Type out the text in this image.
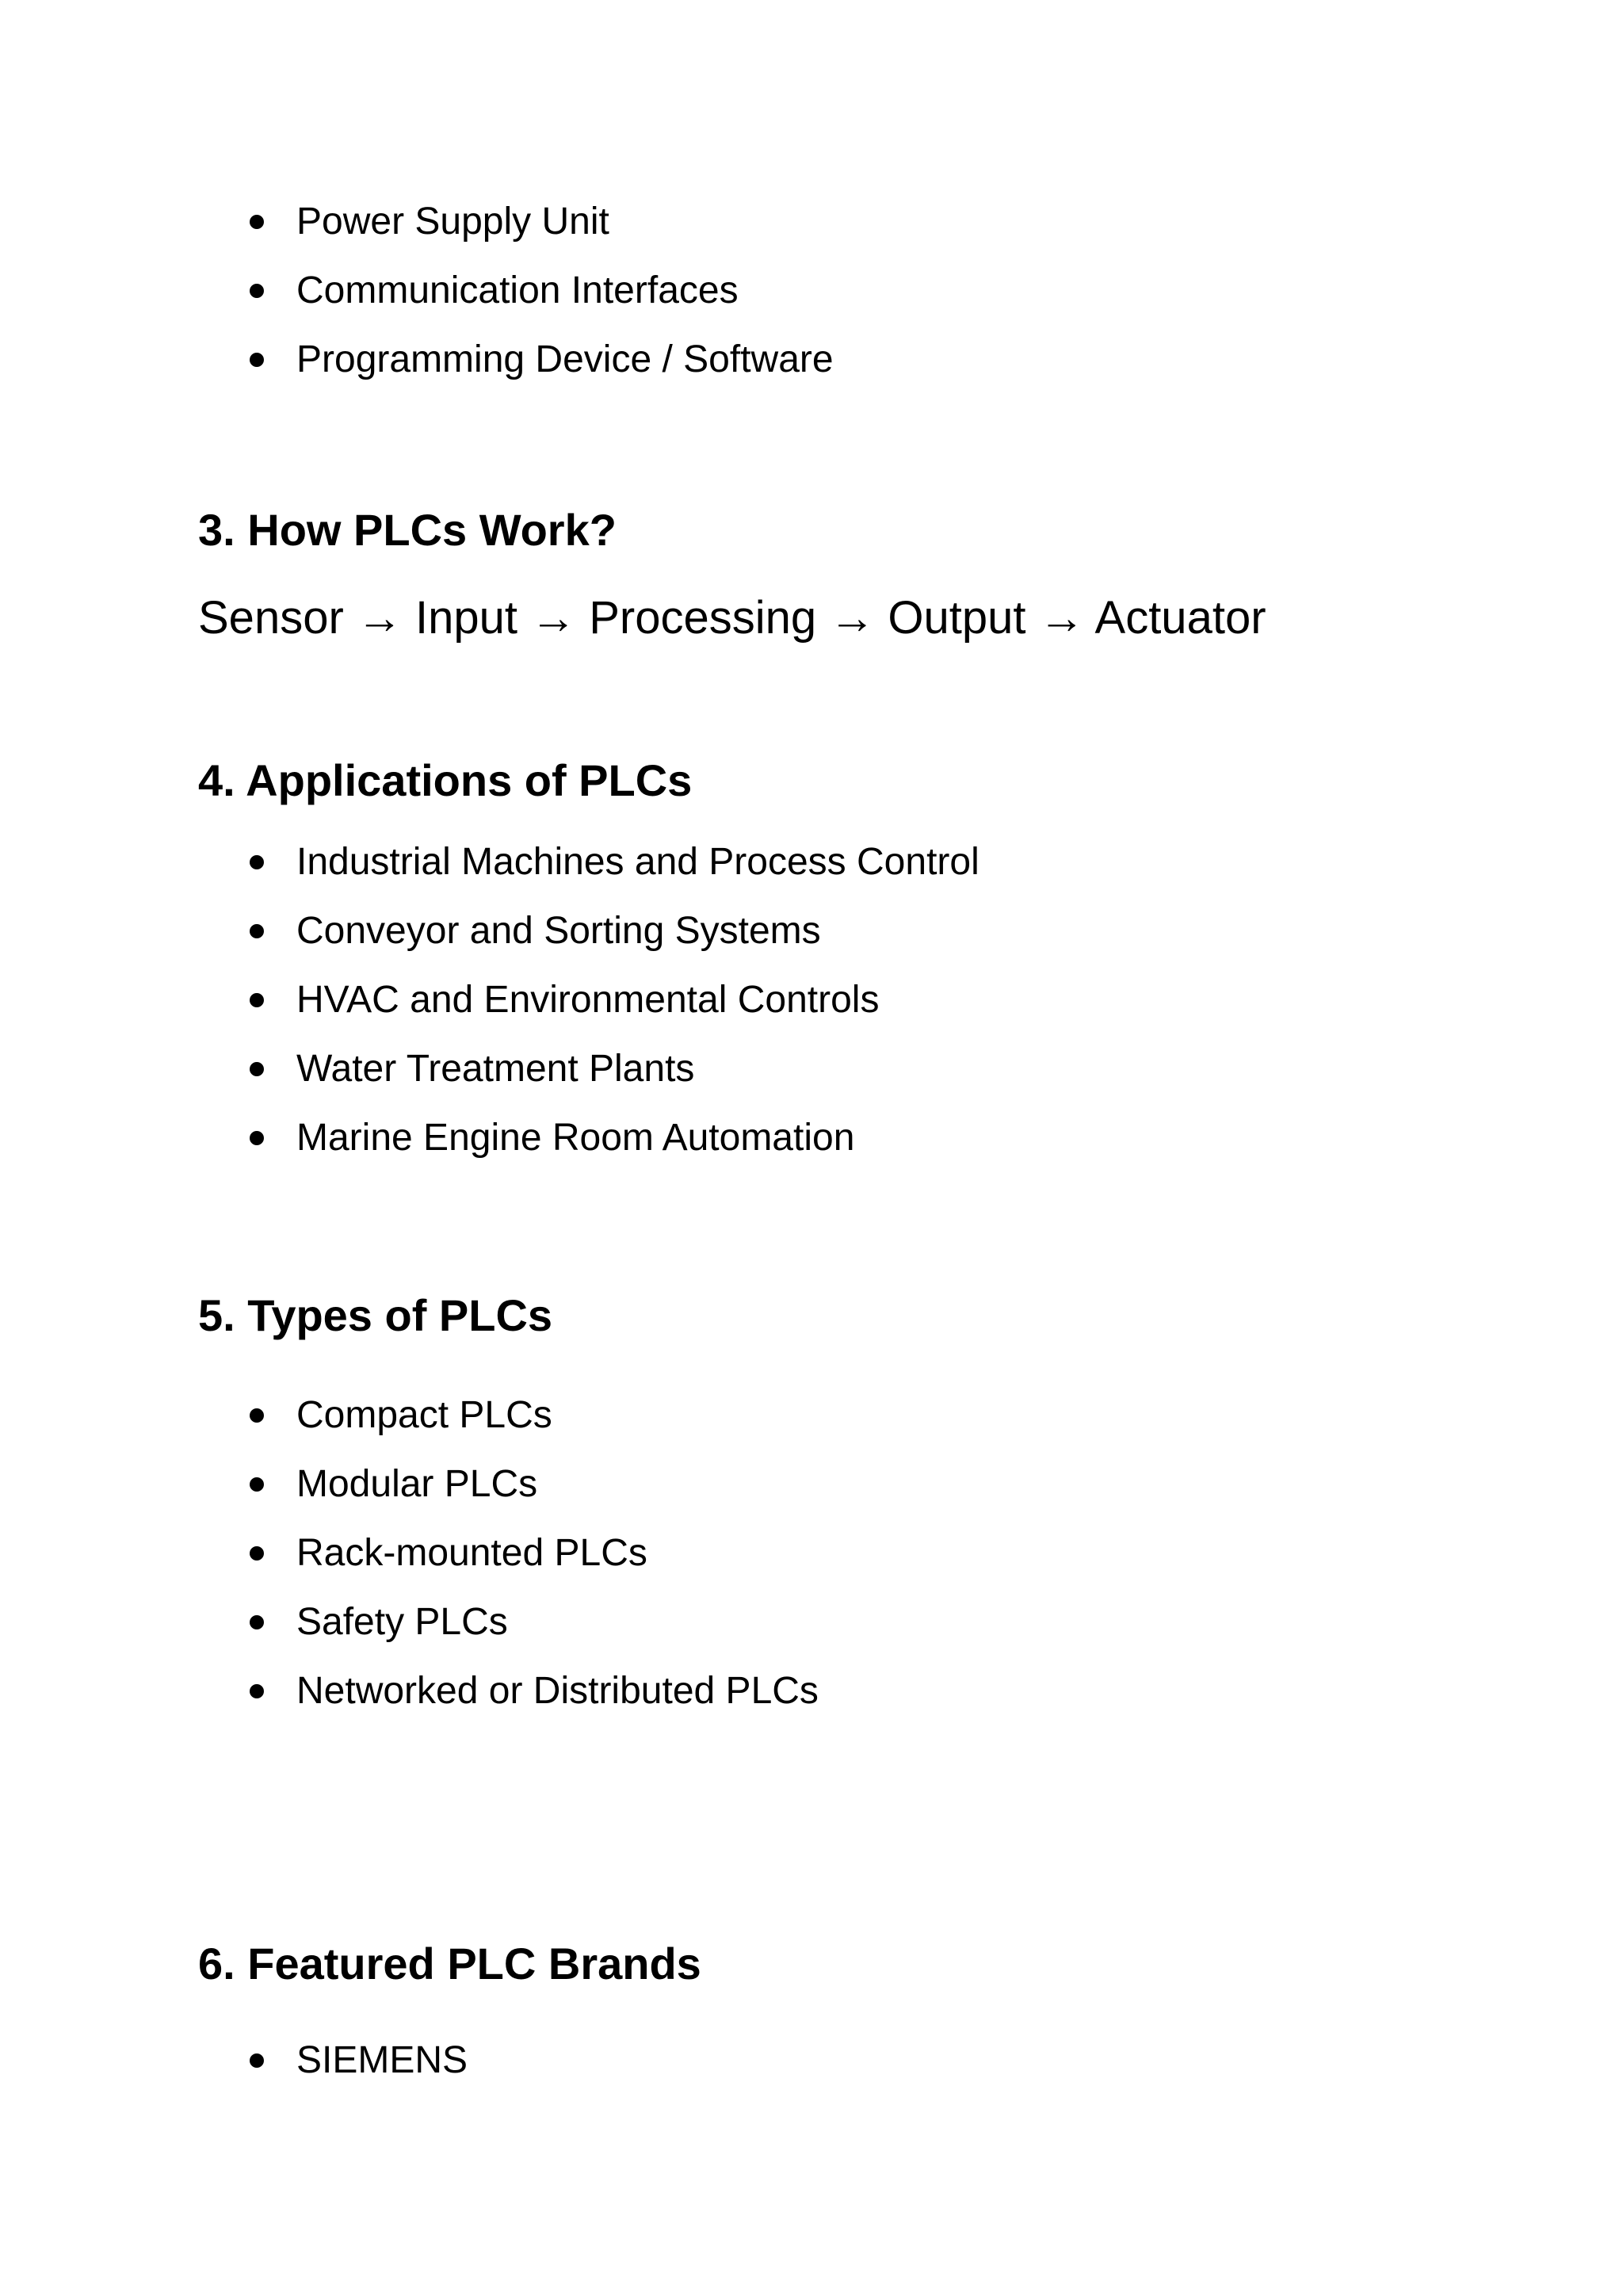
Power Supply Unit
Communication Interfaces
Programming Device / Software
3. How PLCs Work?

Sensor → Input → Processing → Output → Actuator

4. Applications of PLCs
Industrial Machines and Process Control
Conveyor and Sorting Systems
HVAC and Environmental Controls
Water Treatment Plants
Marine Engine Room Automation
5. Types of PLCs
Compact PLCs
Modular PLCs
Rack-mounted PLCs
Safety PLCs
Networked or Distributed PLCs
6. Featured PLC Brands
SIEMENS
